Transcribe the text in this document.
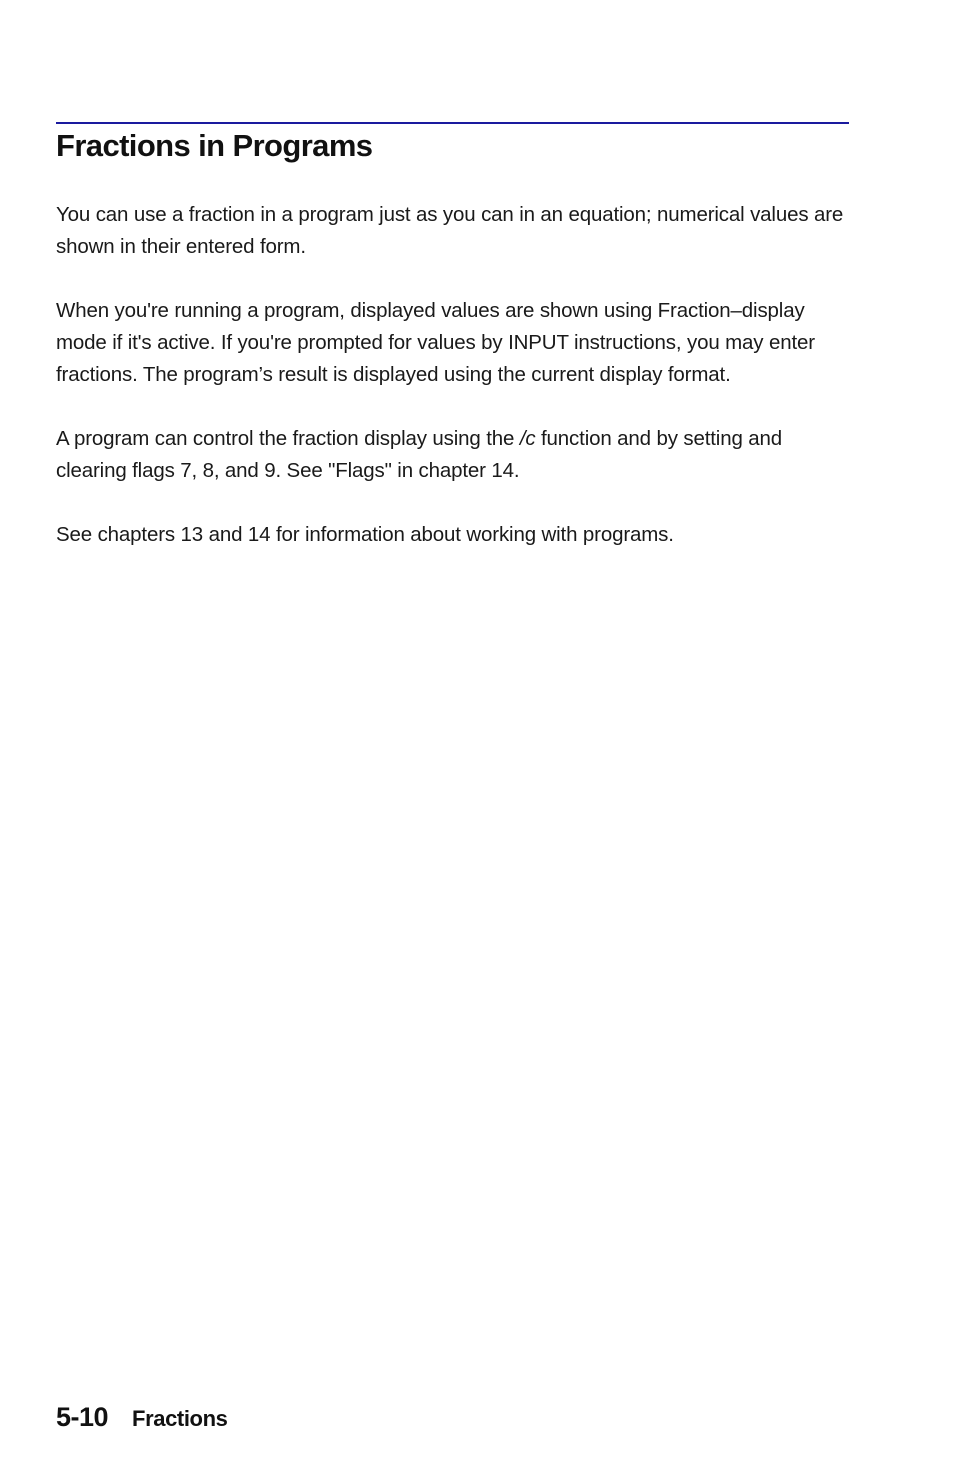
Fractions in Programs

You can use a fraction in a program just as you can in an equation; numerical values are shown in their entered form.

When you're running a program, displayed values are shown using Fraction–display mode if it's active. If you're prompted for values by INPUT instructions, you may enter fractions. The program’s result is displayed using the current display format.

A program can control the fraction display using the /c function and by setting and clearing flags 7, 8, and 9. See "Flags" in chapter 14.

See chapters 13 and 14 for information about working with programs.

5-10 Fractions
